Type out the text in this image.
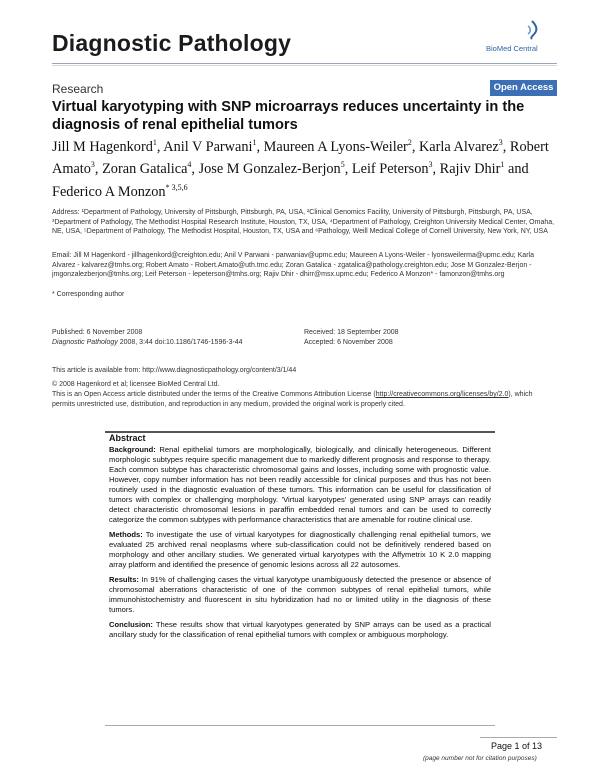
Diagnostic Pathology	BioMed Central
Research	Open Access
Virtual karyotyping with SNP microarrays reduces uncertainty in the diagnosis of renal epithelial tumors
Jill M Hagenkord$^1$, Anil V Parwani$^1$, Maureen A Lyons-Weiler$^2$, Karla Alvarez$^3$, Robert Amato$^3$, Zoran Gatalica$^4$, Jose M Gonzalez-Berjon$^5$, Leif Peterson$^3$, Rajiv Dhir$^1$ and Federico A Monzon$^{* 3,5,6}$
Address: ¹Department of Pathology, University of Pittsburgh, Pittsburgh, PA, USA, ²Clinical Genomics Facility, University of Pittsburgh, Pittsburgh, PA, USA, ³Department of Pathology, The Methodist Hospital Research Institute, Houston, TX, USA, ⁴Department of Pathology, Creighton University Medical Center, Omaha, NE, USA, ⁵Department of Pathology, The Methodist Hospital, Houston, TX, USA and ⁶Pathology, Weill Medical College of Cornell University, New York, NY, USA
Email: Jill M Hagenkord - jillhagenkord@creighton.edu; Anil V Parwani - parwaniav@upmc.edu; Maureen A Lyons-Weiler - lyonsweilerma@upmc.edu; Karla Alvarez - kalvarez@tmhs.org; Robert Amato - Robert.Amato@uth.tmc.edu; Zoran Gatalica - zgatalica@pathology.creighton.edu; Jose M Gonzalez-Berjon - jmgonzalezberjon@tmhs.org; Leif Peterson - lepeterson@tmhs.org; Rajiv Dhir - dhirr@msx.upmc.edu; Federico A Monzon* - famonzon@tmhs.org
* Corresponding author
Published: 6 November 2008
Diagnostic Pathology 2008, 3:44 doi:10.1186/1746-1596-3-44
Received: 18 September 2008
Accepted: 6 November 2008
This article is available from: http://www.diagnosticpathology.org/content/3/1/44
© 2008 Hagenkord et al; licensee BioMed Central Ltd.
This is an Open Access article distributed under the terms of the Creative Commons Attribution License (http://creativecommons.org/licenses/by/2.0), which permits unrestricted use, distribution, and reproduction in any medium, provided the original work is properly cited.
Abstract

Background: Renal epithelial tumors are morphologically, biologically, and clinically heterogeneous. Different morphologic subtypes require specific management due to markedly different prognosis and response to therapy. Each common subtype has characteristic chromosomal gains and losses, including some with prognostic value. However, copy number information has not been readily accessible for clinical purposes and thus has not been routinely used in the diagnostic evaluation of these tumors. This information can be useful for classification of tumors with complex or challenging morphology. 'Virtual karyotypes' generated using SNP arrays can readily detect characteristic chromosomal lesions in paraffin embedded renal tumors and can be used to correctly categorize the common subtypes with performance characteristics that are amenable for routine clinical use.

Methods: To investigate the use of virtual karyotypes for diagnostically challenging renal epithelial tumors, we evaluated 25 archived renal neoplasms where sub-classification could not be definitively rendered based on morphology and other ancillary studies. We generated virtual karyotypes with the Affymetrix 10 K 2.0 mapping array platform and identified the presence of genomic lesions across all 22 autosomes.

Results: In 91% of challenging cases the virtual karyotype unambiguously detected the presence or absence of chromosomal aberrations characteristic of one of the common subtypes of renal epithelial tumors, while immunohistochemistry and fluorescent in situ hybridization had no or limited utility in the diagnosis of these tumors.

Conclusion: These results show that virtual karyotypes generated by SNP arrays can be used as a practical ancillary study for the classification of renal epithelial tumors with complex or ambiguous morphology.

Page 1 of 13
(page number not for citation purposes)
